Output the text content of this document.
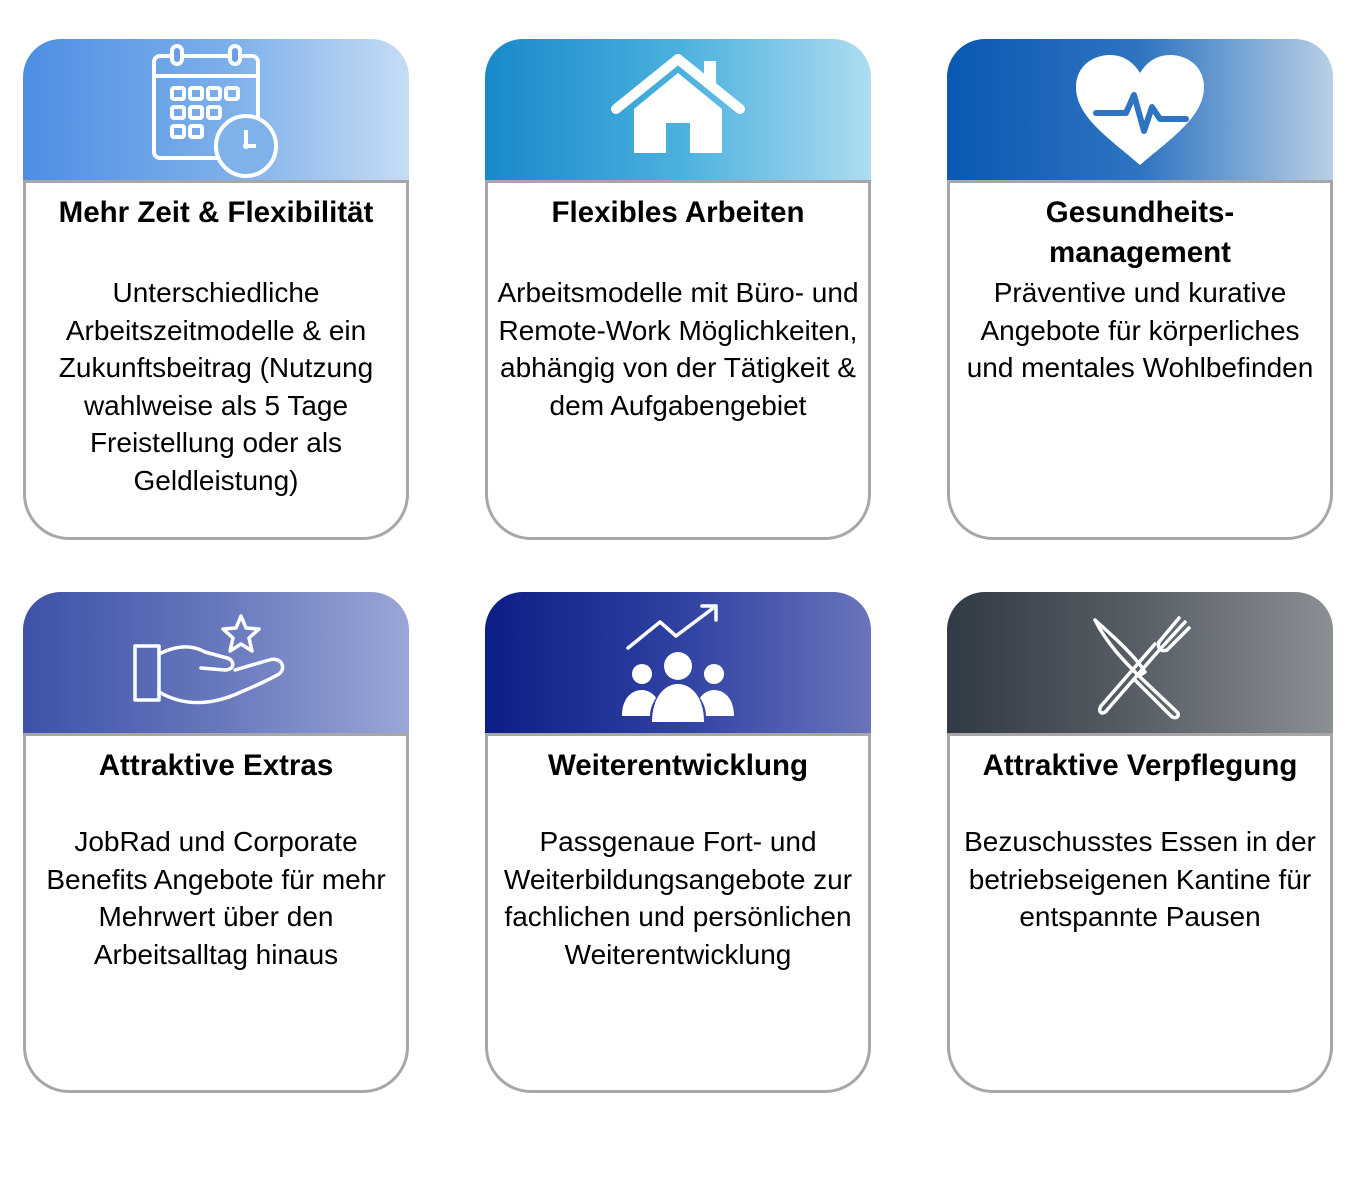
Mehr Zeit & Flexibilität
Unterschiedliche Arbeitszeitmodelle & ein Zukunftsbeitrag (Nutzung wahlweise als 5 Tage Freistellung oder als Geldleistung)
Flexibles Arbeiten
Arbeitsmodelle mit Büro- und Remote-Work Möglichkeiten, abhängig von der Tätigkeit & dem Aufgabengebiet
Gesundheits- management
Präventive und kurative Angebote für körperliches und mentales Wohlbefinden
Attraktive Extras
JobRad und Corporate Benefits Angebote für mehr Mehrwert über den Arbeitsalltag hinaus
Weiterentwicklung
Passgenaue Fort- und Weiterbildungsangebote zur fachlichen und persönlichen Weiterentwicklung
Attraktive Verpflegung
Bezuschusstes Essen in der betriebseigenen Kantine für entspannte Pausen
